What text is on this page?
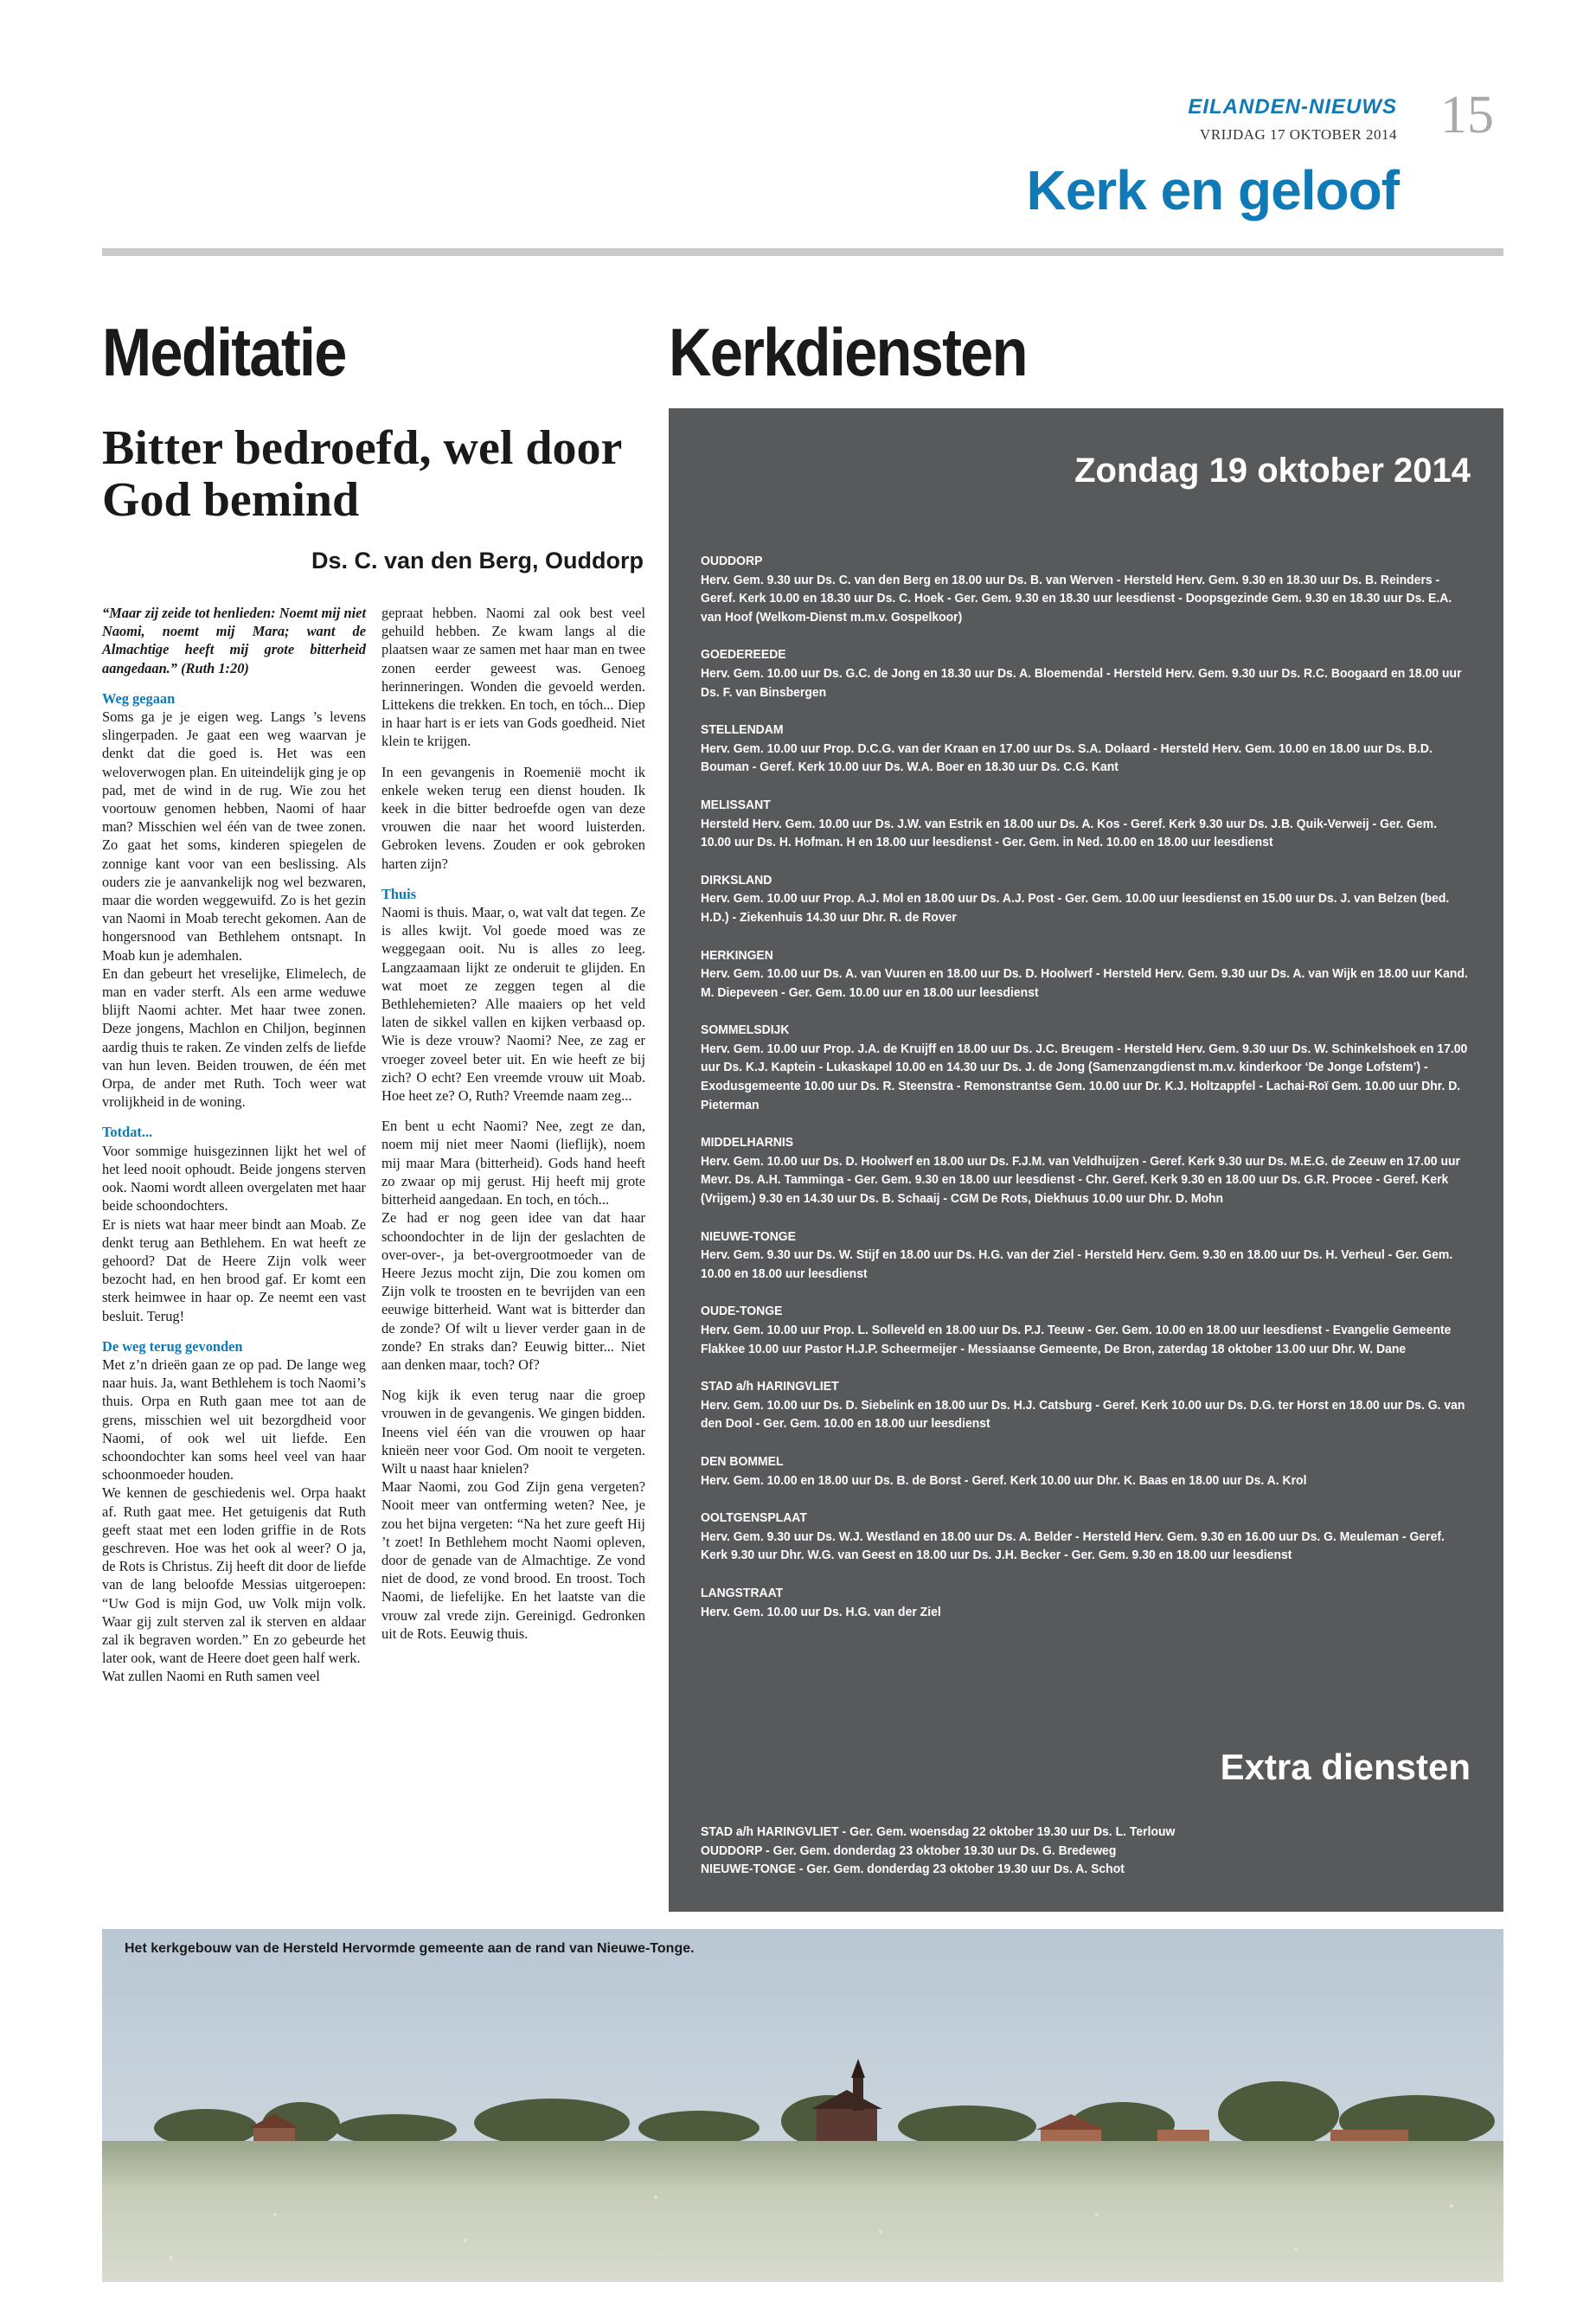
EILANDEN-NIEUWS
VRIJDAG 17 OKTOBER 2014 15
Kerk en geloof
Meditatie
Bitter bedroefd, wel door God bemind
Ds. C. van den Berg, Ouddorp

“Maar zij zeide tot henlieden: Noemt mij niet Naomi, noemt mij Mara; want de Almachtige heeft mij grote bitterheid aangedaan.” (Ruth 1:20)

Weg gegaan

Soms ga je je eigen weg. Langs ’s levens slingerpaden. Je gaat een weg waarvan je denkt dat die goed is. Het was een weloverwogen plan. En uiteindelijk ging je op pad, met de wind in de rug. Wie zou het voortouw genomen hebben, Naomi of haar man? Misschien wel één van de twee zonen. Zo gaat het soms, kinderen spiegelen de zonnige kant voor van een beslissing. Als ouders zie je aanvankelijk nog wel bezwaren, maar die worden weggewuifd. Zo is het gezin van Naomi in Moab terecht gekomen. Aan de hongersnood van Bethlehem ontsnapt. In Moab kun je ademhalen.

En dan gebeurt het vreselijke, Elimelech, de man en vader sterft. Als een arme weduwe blijft Naomi achter. Met haar twee zonen. Deze jongens, Machlon en Chiljon, beginnen aardig thuis te raken. Ze vinden zelfs de liefde van hun leven. Beiden trouwen, de één met Orpa, de ander met Ruth. Toch weer wat vrolijkheid in de woning.

Totdat...

Voor sommige huisgezinnen lijkt het wel of het leed nooit ophoudt. Beide jongens sterven ook. Naomi wordt alleen overgelaten met haar beide schoondochters.

Er is niets wat haar meer bindt aan Moab. Ze denkt terug aan Bethlehem. En wat heeft ze gehoord? Dat de Heere Zijn volk weer bezocht had, en hen brood gaf. Er komt een sterk heimwee in haar op. Ze neemt een vast besluit. Terug!

De weg terug gevonden

Met z’n drieën gaan ze op pad. De lange weg naar huis. Ja, want Bethlehem is toch Naomi’s thuis. Orpa en Ruth gaan mee tot aan de grens, misschien wel uit bezorgdheid voor Naomi, of ook wel uit liefde. Een schoondochter kan soms heel veel van haar schoonmoeder houden.

We kennen de geschiedenis wel. Orpa haakt af. Ruth gaat mee. Het getuigenis dat Ruth geeft staat met een loden griffie in de Rots geschreven. Hoe was het ook al weer? O ja, de Rots is Christus. Zij heeft dit door de liefde van de lang beloofde Messias uitgeroepen: “Uw God is mijn God, uw Volk mijn volk. Waar gij zult sterven zal ik sterven en aldaar zal ik begraven worden.” En zo gebeurde het later ook, want de Heere doet geen half werk.

Wat zullen Naomi en Ruth samen veel

gepraat hebben. Naomi zal ook best veel gehuild hebben. Ze kwam langs al die plaatsen waar ze samen met haar man en twee zonen eerder geweest was. Genoeg herinneringen. Wonden die gevoeld werden. Littekens die trekken. En toch, en tóch... Diep in haar hart is er iets van Gods goedheid. Niet klein te krijgen.

In een gevangenis in Roemenië mocht ik enkele weken terug een dienst houden. Ik keek in die bitter bedroefde ogen van deze vrouwen die naar het woord luisterden. Gebroken levens. Zouden er ook gebroken harten zijn?

Thuis

Naomi is thuis. Maar, o, wat valt dat tegen. Ze is alles kwijt. Vol goede moed was ze weggegaan ooit. Nu is alles zo leeg. Langzaamaan lijkt ze onderuit te glijden. En wat moet ze zeggen tegen al die Bethlehemieten? Alle maaiers op het veld laten de sikkel vallen en kijken verbaasd op. Wie is deze vrouw? Naomi? Nee, ze zag er vroeger zoveel beter uit. En wie heeft ze bij zich? O echt? Een vreemde vrouw uit Moab. Hoe heet ze? O, Ruth? Vreemde naam zeg...

En bent u echt Naomi? Nee, zegt ze dan, noem mij niet meer Naomi (lieflijk), noem mij maar Mara (bitterheid). Gods hand heeft zo zwaar op mij gerust. Hij heeft mij grote bitterheid aangedaan. En toch, en tóch...

Ze had er nog geen idee van dat haar schoondochter in de lijn der geslachten de over-over-, ja bet-overgrootmoeder van de Heere Jezus mocht zijn, Die zou komen om Zijn volk te troosten en te bevrijden van een eeuwige bitterheid. Want wat is bitterder dan de zonde? Of wilt u liever verder gaan in de zonde? En straks dan? Eeuwig bitter... Niet aan denken maar, toch? Of?

Nog kijk ik even terug naar die groep vrouwen in de gevangenis. We gingen bidden. Ineens viel één van die vrouwen op haar knieën neer voor God. Om nooit te vergeten. Wilt u naast haar knielen?

Maar Naomi, zou God Zijn gena vergeten? Nooit meer van ontferming weten? Nee, je zou het bijna vergeten: “Na het zure geeft Hij ’t zoet! In Bethlehem mocht Naomi opleven, door de genade van de Almachtige. Ze vond niet de dood, ze vond brood. En troost. Toch Naomi, de liefelijke. En het laatste van die vrouw zal vrede zijn. Gereinigd. Gedronken uit de Rots. Eeuwig thuis.

Kerkdiensten
Zondag 19 oktober 2014
OUDDORP
Herv. Gem. 9.30 uur Ds. C. van den Berg en 18.00 uur Ds. B. van Werven - Hersteld Herv. Gem. 9.30 en 18.30 uur Ds. B. Reinders - Geref. Kerk 10.00 en 18.30 uur Ds. C. Hoek - Ger. Gem. 9.30 en 18.30 uur leesdienst - Doopsgezinde Gem. 9.30 en 18.30 uur Ds. E.A. van Hoof (Welkom-Dienst m.m.v. Gospelkoor)
GOEDEREEDE
Herv. Gem. 10.00 uur Ds. G.C. de Jong en 18.30 uur Ds. A. Bloemendal - Hersteld Herv. Gem. 9.30 uur Ds. R.C. Boogaard en 18.00 uur Ds. F. van Binsbergen
STELLENDAM
Herv. Gem. 10.00 uur Prop. D.C.G. van der Kraan en 17.00 uur Ds. S.A. Dolaard - Hersteld Herv. Gem. 10.00 en 18.00 uur Ds. B.D. Bouman - Geref. Kerk 10.00 uur Ds. W.A. Boer en 18.30 uur Ds. C.G. Kant
MELISSANT
Hersteld Herv. Gem. 10.00 uur Ds. J.W. van Estrik en 18.00 uur Ds. A. Kos - Geref. Kerk 9.30 uur Ds. J.B. Quik-Verweij - Ger. Gem. 10.00 uur Ds. H. Hofman. H en 18.00 uur leesdienst - Ger. Gem. in Ned. 10.00 en 18.00 uur leesdienst
DIRKSLAND
Herv. Gem. 10.00 uur Prop. A.J. Mol en 18.00 uur Ds. A.J. Post - Ger. Gem. 10.00 uur leesdienst en 15.00 uur Ds. J. van Belzen (bed. H.D.) - Ziekenhuis 14.30 uur Dhr. R. de Rover
HERKINGEN
Herv. Gem. 10.00 uur Ds. A. van Vuuren en 18.00 uur Ds. D. Hoolwerf - Hersteld Herv. Gem. 9.30 uur Ds. A. van Wijk en 18.00 uur Kand. M. Diepeveen - Ger. Gem. 10.00 uur en 18.00 uur leesdienst
SOMMELSDIJK
Herv. Gem. 10.00 uur Prop. J.A. de Kruijff en 18.00 uur Ds. J.C. Breugem - Hersteld Herv. Gem. 9.30 uur Ds. W. Schinkelshoek en 17.00 uur Ds. K.J. Kaptein - Lukaskapel 10.00 en 14.30 uur Ds. J. de Jong (Samenzangdienst m.m.v. kinderkoor ‘De Jonge Lofstem’) - Exodusgemeente 10.00 uur Ds. R. Steenstra - Remonstrantse Gem. 10.00 uur Dr. K.J. Holtzappfel - Lachai-Roï Gem. 10.00 uur Dhr. D. Pieterman
MIDDELHARNIS
Herv. Gem. 10.00 uur Ds. D. Hoolwerf en 18.00 uur Ds. F.J.M. van Veldhuijzen - Geref. Kerk 9.30 uur Ds. M.E.G. de Zeeuw en 17.00 uur Mevr. Ds. A.H. Tamminga - Ger. Gem. 9.30 en 18.00 uur leesdienst - Chr. Geref. Kerk 9.30 en 18.00 uur Ds. G.R. Procee - Geref. Kerk (Vrijgem.) 9.30 en 14.30 uur Ds. B. Schaaij - CGM De Rots, Diekhuus 10.00 uur Dhr. D. Mohn
NIEUWE-TONGE
Herv. Gem. 9.30 uur Ds. W. Stijf en 18.00 uur Ds. H.G. van der Ziel - Hersteld Herv. Gem. 9.30 en 18.00 uur Ds. H. Verheul - Ger. Gem. 10.00 en 18.00 uur leesdienst
OUDE-TONGE
Herv. Gem. 10.00 uur Prop. L. Solleveld en 18.00 uur Ds. P.J. Teeuw - Ger. Gem. 10.00 en 18.00 uur leesdienst - Evangelie Gemeente Flakkee 10.00 uur Pastor H.J.P. Scheermeijer - Messiaanse Gemeente, De Bron, zaterdag 18 oktober 13.00 uur Dhr. W. Dane
STAD a/h HARINGVLIET
Herv. Gem. 10.00 uur Ds. D. Siebelink en 18.00 uur Ds. H.J. Catsburg - Geref. Kerk 10.00 uur Ds. D.G. ter Horst en 18.00 uur Ds. G. van den Dool - Ger. Gem. 10.00 en 18.00 uur leesdienst
DEN BOMMEL
Herv. Gem. 10.00 en 18.00 uur Ds. B. de Borst - Geref. Kerk 10.00 uur Dhr. K. Baas en 18.00 uur Ds. A. Krol
OOLTGENSPLAAT
Herv. Gem. 9.30 uur Ds. W.J. Westland en 18.00 uur Ds. A. Belder - Hersteld Herv. Gem. 9.30 en 16.00 uur Ds. G. Meuleman - Geref. Kerk 9.30 uur Dhr. W.G. van Geest en 18.00 uur Ds. J.H. Becker - Ger. Gem. 9.30 en 18.00 uur leesdienst
LANGSTRAAT
Herv. Gem. 10.00 uur Ds. H.G. van der Ziel
Extra diensten
STAD a/h HARINGVLIET - Ger. Gem. woensdag 22 oktober 19.30 uur Ds. L. Terlouw
OUDDORP - Ger. Gem. donderdag 23 oktober 19.30 uur Ds. G. Bredeweg
NIEUWE-TONGE - Ger. Gem. donderdag 23 oktober 19.30 uur Ds. A. Schot
Het kerkgebouw van de Hersteld Hervormde gemeente aan de rand van Nieuwe-Tonge.
